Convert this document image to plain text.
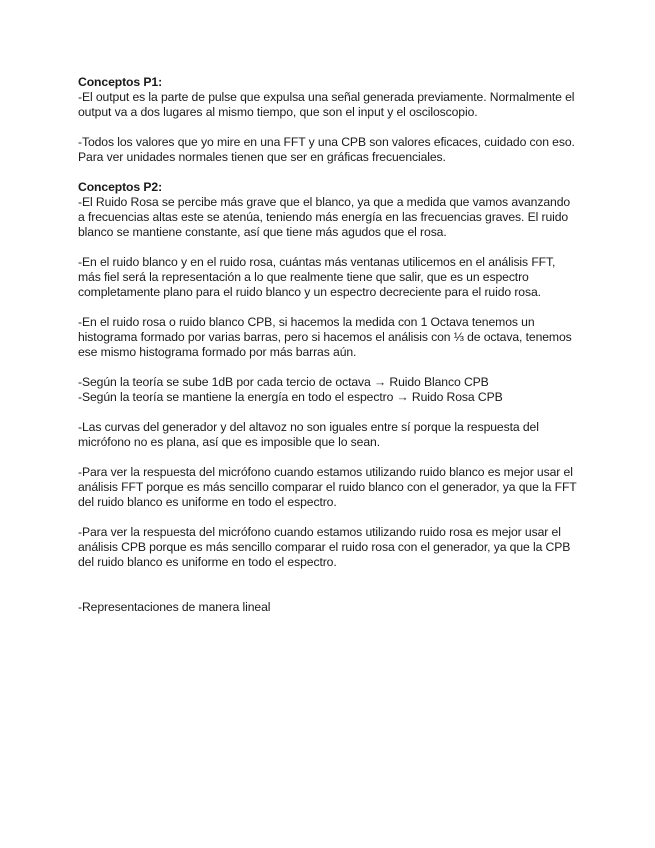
Conceptos P1:

-El output es la parte de pulse que expulsa una señal generada previamente. Normalmente el output va a dos lugares al mismo tiempo, que son el input y el osciloscopio.

-Todos los valores que yo mire en una FFT y una CPB son valores eficaces, cuidado con eso. Para ver unidades normales tienen que ser en gráficas frecuenciales.

Conceptos P2:

-El Ruido Rosa se percibe más grave que el blanco, ya que a medida que vamos avanzando a frecuencias altas este se atenúa, teniendo más energía en las frecuencias graves. El ruido blanco se mantiene constante, así que tiene más agudos que el rosa.

-En el ruido blanco y en el ruido rosa, cuántas más ventanas utilicemos en el análisis FFT, más fiel será la representación a lo que realmente tiene que salir, que es un espectro completamente plano para el ruido blanco y un espectro decreciente para el ruido rosa.

-En el ruido rosa o ruido blanco CPB, si hacemos la medida con 1 Octava tenemos un histograma formado por varias barras, pero si hacemos el análisis con ⅓ de octava, tenemos ese mismo histograma formado por más barras aún.

-Según la teoría se sube 1dB por cada tercio de octava → Ruido Blanco CPB

-Según la teoría se mantiene la energía en todo el espectro → Ruido Rosa CPB

-Las curvas del generador y del altavoz no son iguales entre sí porque la respuesta del micrófono no es plana, así que es imposible que lo sean.

-Para ver la respuesta del micrófono cuando estamos utilizando ruido blanco es mejor usar el análisis FFT porque es más sencillo comparar el ruido blanco con el generador, ya que la FFT del ruido blanco es uniforme en todo el espectro.

-Para ver la respuesta del micrófono cuando estamos utilizando ruido rosa es mejor usar el análisis CPB porque es más sencillo comparar el ruido rosa con el generador, ya que la CPB del ruido blanco es uniforme en todo el espectro.

-Representaciones de manera lineal
